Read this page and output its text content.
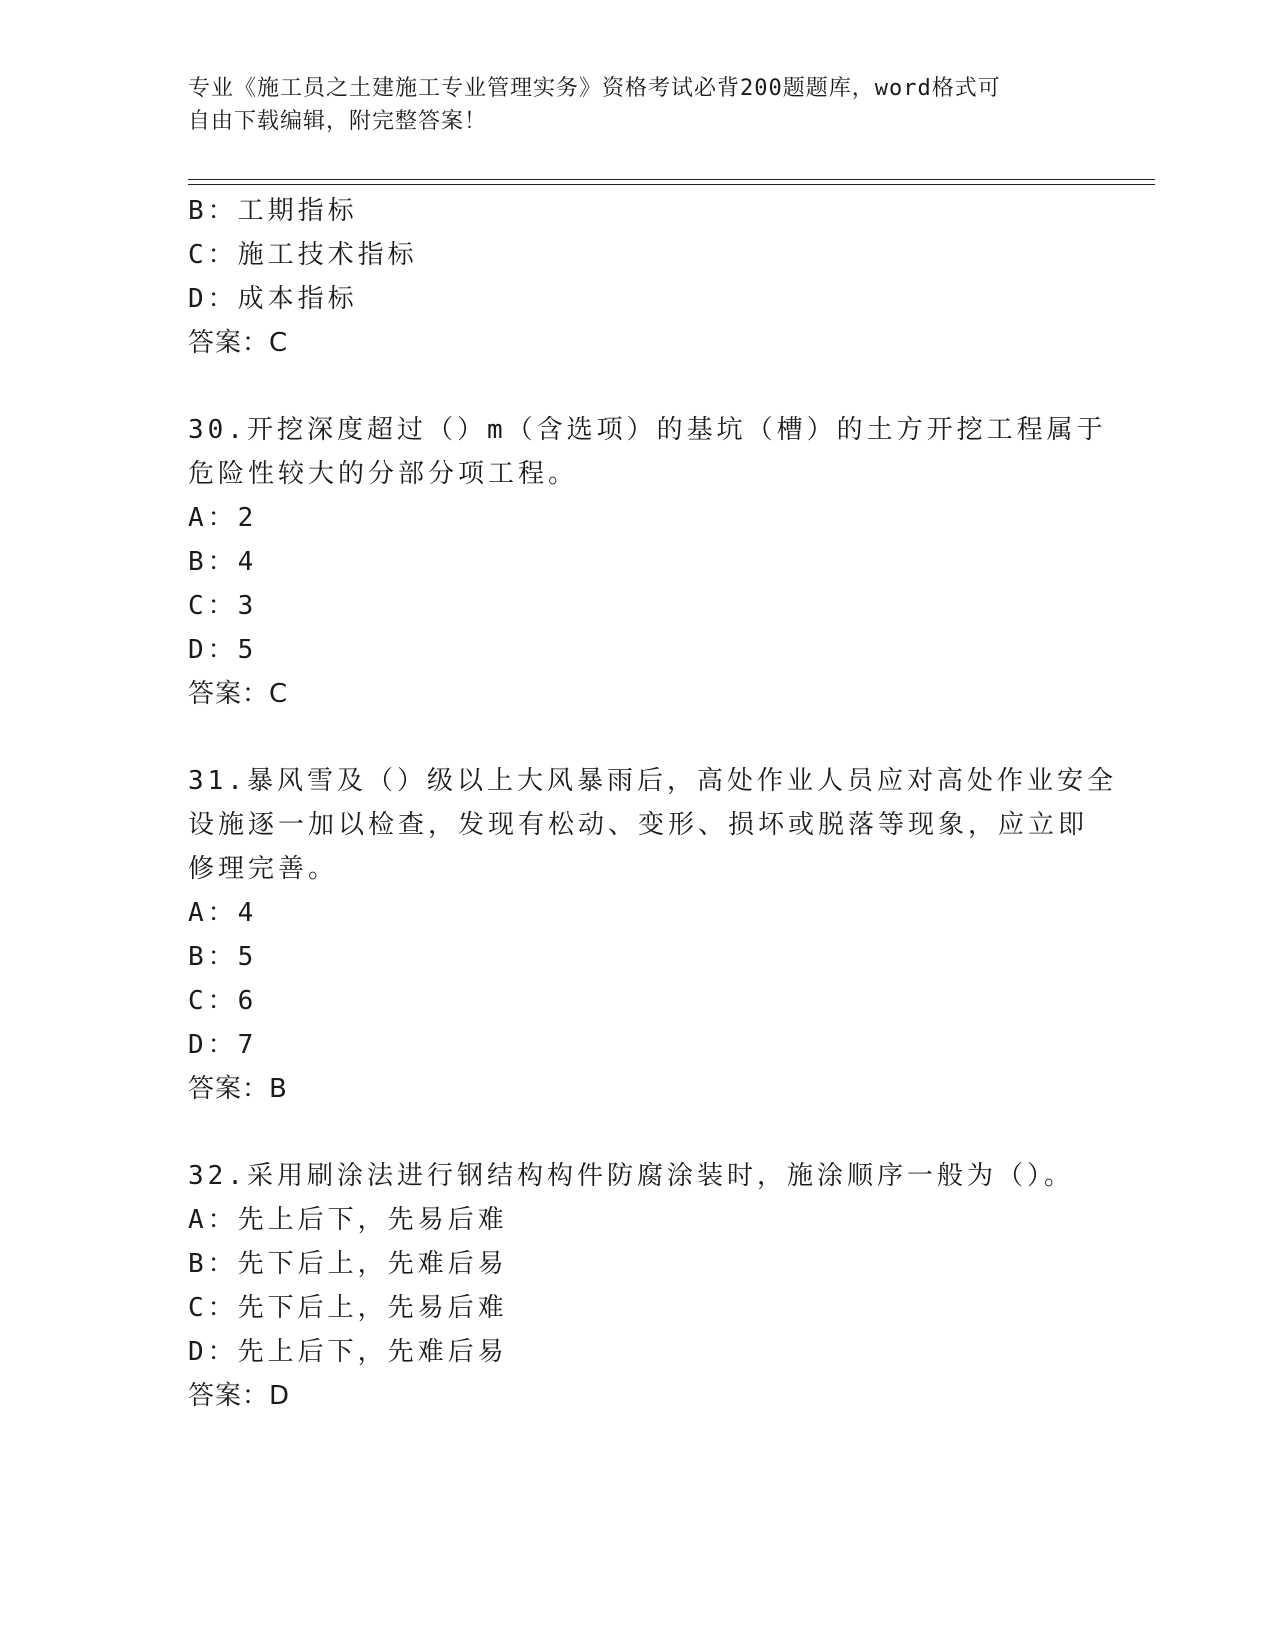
专业《施工员之土建施工专业管理实务》资格考试必背200题题库，word格式可
自由下载编辑，附完整答案！
B：工期指标
C：施工技术指标
D：成本指标
答案：C
30.开挖深度超过（）m（含选项）的基坑（槽）的土方开挖工程属于
危险性较大的分部分项工程。
A：2
B：4
C：3
D：5
答案：C
31.暴风雪及（）级以上大风暴雨后，高处作业人员应对高处作业安全
设施逐一加以检查，发现有松动、变形、损坏或脱落等现象，应立即
修理完善。
A：4
B：5
C：6
D：7
答案：B
32.采用刷涂法进行钢结构构件防腐涂装时，施涂顺序一般为（）。
A：先上后下，先易后难
B：先下后上，先难后易
C：先下后上，先易后难
D：先上后下，先难后易
答案：D
